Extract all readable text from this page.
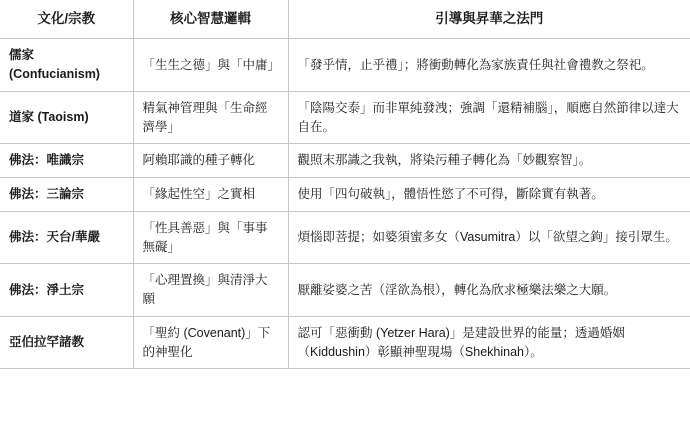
文化/宗教	核心智慧邏輯	引導與昇華之法門
儒家 (Confucianism)	「生生之德」與「中庸」	「發乎情，止乎禮」；將衝動轉化為家族責任與社會禮教之祭祀。
道家 (Taoism)	精氣神管理與「生命經濟學」	「陰陽交泰」而非單純發洩；強調「還精補腦」，順應自然節律以達大自在。
佛法：唯識宗	阿賴耶識的種子轉化	觀照末那識之我執，將染污種子轉化為「妙觀察智」。
佛法：三論宗	「緣起性空」之實相	使用「四句破執」，體悟性慾了不可得，斷除實有執著。
佛法：天台/華嚴	「性具善惡」與「事事無礙」	煩惱即菩提；如婆須蜜多女（Vasumitra）以「欲望之鉤」接引眾生。
佛法：淨土宗	「心理置換」與清淨大願	厭離娑婆之苦（淫欲為根），轉化為欣求極樂法樂之大願。
亞伯拉罕諸教	「聖約 (Covenant)」下的神聖化	認可「惡衝動 (Yetzer Hara)」是建設世界的能量；透過婚姻（Kiddushin）彰顯神聖現場（Shekhinah）。
